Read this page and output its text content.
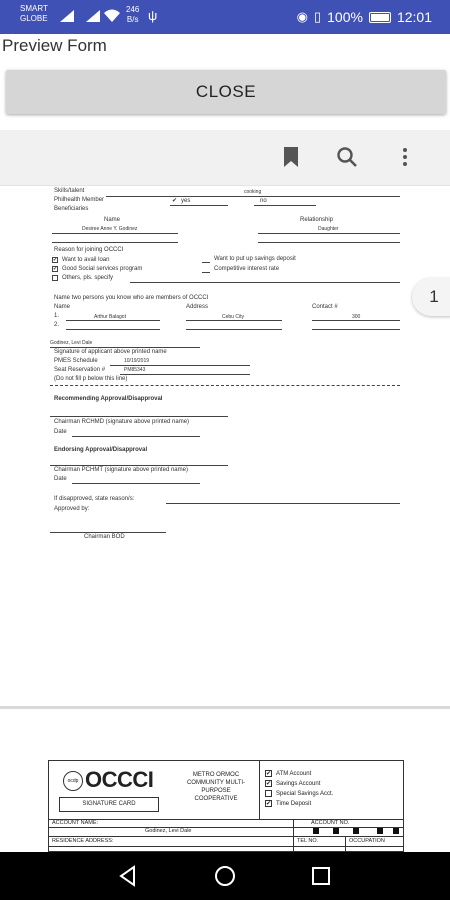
SMART
GLOBE
246
B/s ψ	◉ ▯ 100% 12:01
Preview Form
CLOSE
Skills/talent	cooking
Philhealth Member	✔ yes	no
Beneficiaries
Name	Relationship
Desiree Anne Y. Godinez	Daughter
Reason for joining OCCCI
✔ Want to avail loan
✔ Good Social services program
Others, pls. specify
Want to put up savings deposit
Competitive interest rate
Name two persons you know who are members of OCCCI
Name	Address	Contact #
1.	Arthur Balagot	Cebu City	300
2.
Godinez, Levi Dale
Signature of applicant above printed name
PMES Schedule	10/19/2019
Seat Reservation #	PM85343
(Do not fill p below this line)
Recommending Approval/Disapproval
Chairman RCHMD (signature above printed name)
Date
Endorsing Approval/Disapproval
Chairman PCHMT (signature above printed name)
Date
If disapproved, state reason/s:
Approved by:
Chairman BOD
1
ocdp OCCCI
SIGNATURE CARD
METRO ORMOC
COMMUNITY MULTI-
PURPOSE
COOPERATIVE
✔ ATM Account
✔ Savings Account
Special Savings Acct.
✔ Time Deposit
ACCOUNT NAME:	ACCOUNT NO.
Godinez, Levi Dale
RESIDENCE ADDRESS:	TEL NO.	OCCUPATION
